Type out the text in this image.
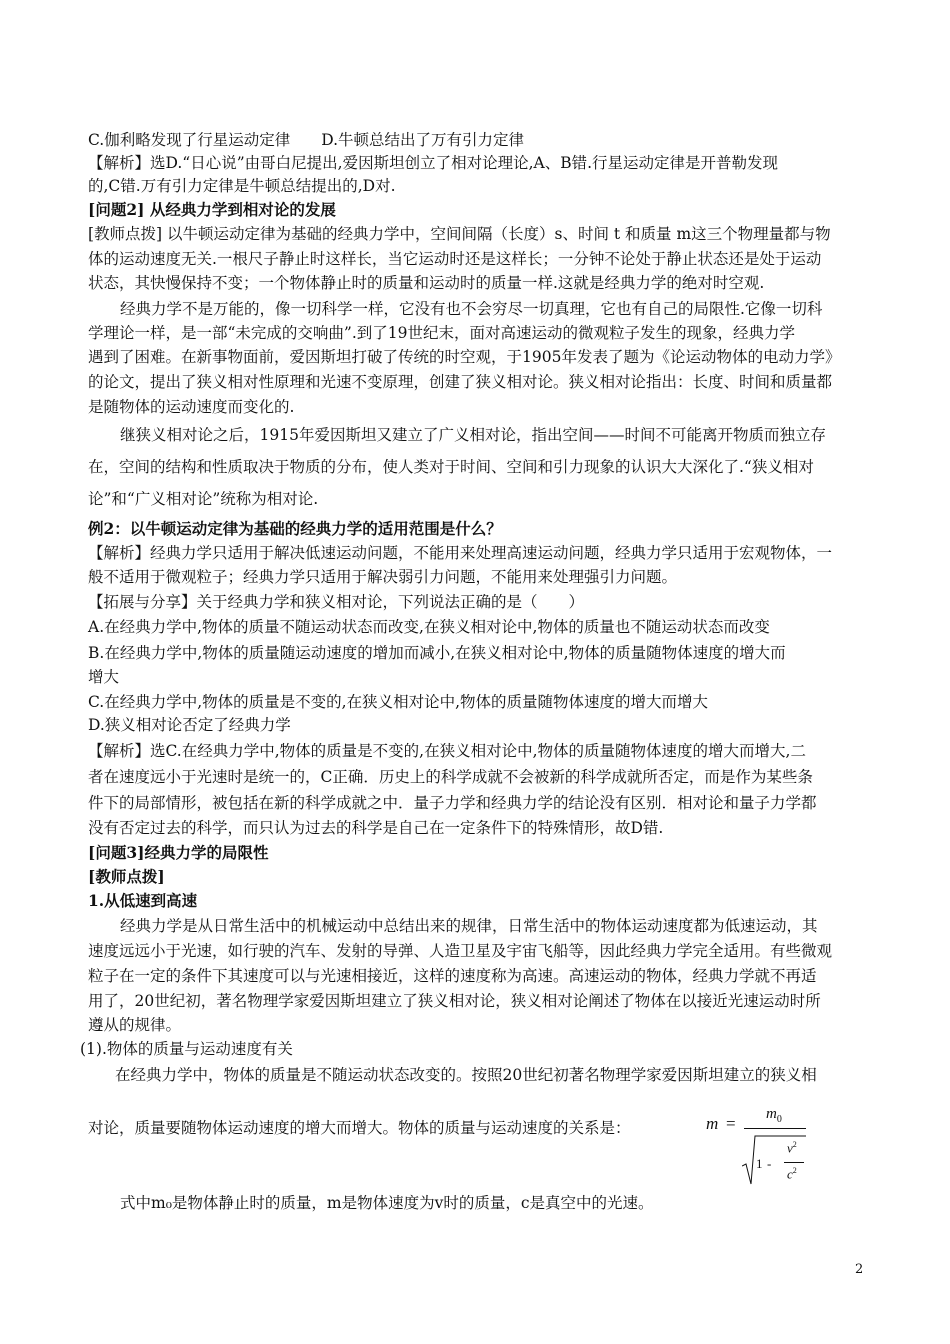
C.伽利略发现了行星运动定律　　D.牛顿总结出了万有引力定律
【解析】选D.“日心说”由哥白尼提出,爱因斯坦创立了相对论理论,A、B错.行星运动定律是开普勒发现
的,C错.万有引力定律是牛顿总结提出的,D对.
[问题2] 从经典力学到相对论的发展
[教师点拨] 以牛顿运动定律为基础的经典力学中，空间间隔（长度）s、时间 t 和质量 m这三个物理量都与物
体的运动速度无关.一根尺子静止时这样长，当它运动时还是这样长；一分钟不论处于静止状态还是处于运动
状态，其快慢保持不变；一个物体静止时的质量和运动时的质量一样.这就是经典力学的绝对时空观.
经典力学不是万能的，像一切科学一样，它没有也不会穷尽一切真理，它也有自己的局限性.它像一切科
学理论一样，是一部“未完成的交响曲”.到了19世纪末，面对高速运动的微观粒子发生的现象，经典力学
遇到了困难。在新事物面前，爱因斯坦打破了传统的时空观，于1905年发表了题为《论运动物体的电动力学》
的论文，提出了狭义相对性原理和光速不变原理，创建了狭义相对论。狭义相对论指出：长度、时间和质量都
是随物体的运动速度而变化的.
继狭义相对论之后，1915年爱因斯坦又建立了广义相对论，指出空间——时间不可能离开物质而独立存
在，空间的结构和性质取决于物质的分布，使人类对于时间、空间和引力现象的认识大大深化了.“狭义相对
论”和“广义相对论”统称为相对论.
例2：以牛顿运动定律为基础的经典力学的适用范围是什么？
【解析】经典力学只适用于解决低速运动问题，不能用来处理高速运动问题，经典力学只适用于宏观物体，一
般不适用于微观粒子；经典力学只适用于解决弱引力问题，不能用来处理强引力问题。
【拓展与分享】关于经典力学和狭义相对论，下列说法正确的是（　　）
A.在经典力学中,物体的质量不随运动状态而改变,在狭义相对论中,物体的质量也不随运动状态而改变
B.在经典力学中,物体的质量随运动速度的增加而减小,在狭义相对论中,物体的质量随物体速度的增大而
增大
C.在经典力学中,物体的质量是不变的,在狭义相对论中,物体的质量随物体速度的增大而增大
D.狭义相对论否定了经典力学
【解析】选C.在经典力学中,物体的质量是不变的,在狭义相对论中,物体的质量随物体速度的增大而增大,二
者在速度远小于光速时是统一的，C正确．历史上的科学成就不会被新的科学成就所否定，而是作为某些条
件下的局部情形，被包括在新的科学成就之中．量子力学和经典力学的结论没有区别．相对论和量子力学都
没有否定过去的科学，而只认为过去的科学是自己在一定条件下的特殊情形，故D错.
[问题3]经典力学的局限性
[教师点拨]
1.从低速到高速
经典力学是从日常生活中的机械运动中总结出来的规律，日常生活中的物体运动速度都为低速运动，其
速度远远小于光速，如行驶的汽车、发射的导弹、人造卫星及宇宙飞船等，因此经典力学完全适用。有些微观
粒子在一定的条件下其速度可以与光速相接近，这样的速度称为高速。高速运动的物体，经典力学就不再适
用了，20世纪初，著名物理学家爱因斯坦建立了狭义相对论，狭义相对论阐述了物体在以接近光速运动时所
遵从的规律。
(1).物体的质量与运动速度有关
在经典力学中，物体的质量是不随运动状态改变的。按照20世纪初著名物理学家爱因斯坦建立的狭义相
对论，质量要随物体运动速度的增大而增大。物体的质量与运动速度的关系是：	$m = m_0$
1 -
$v^2$
$c^2$
式中m₀是物体静止时的质量，m是物体速度为v时的质量，c是真空中的光速。
2
